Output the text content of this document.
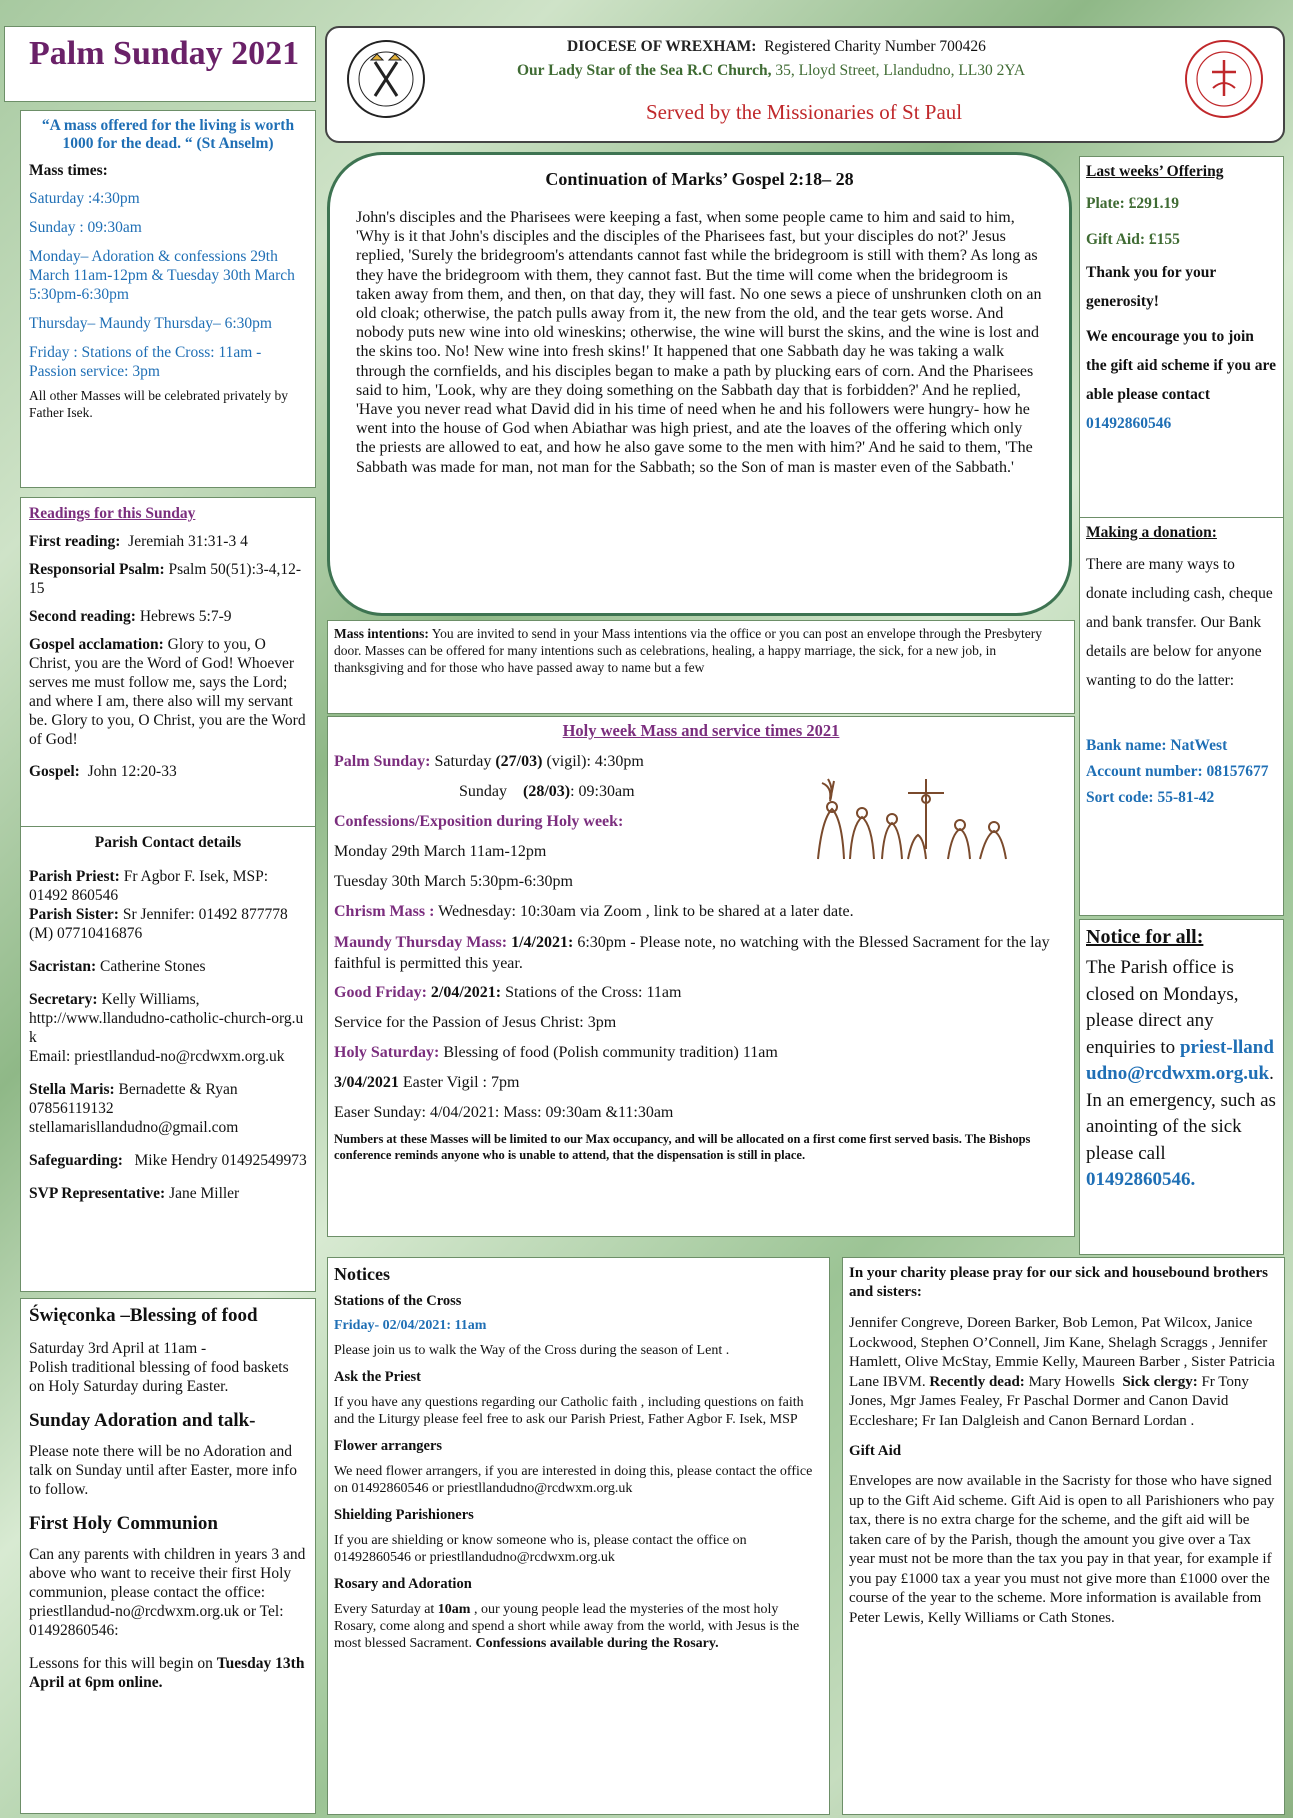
Palm Sunday 2021	DIOCESE OF WREXHAM: Registered Charity Number 700426
Our Lady Star of the Sea R.C Church, 35, Lloyd Street, Llandudno, LL30 2YA
Served by the Missionaries of St Paul

“A mass offered for the living is worth 1000 for the dead. “ (St Anselm)

Mass times:

Saturday :4:30pm

Sunday : 09:30am

Monday– Adoration & confessions 29th March 11am-12pm & Tuesday 30th March 5:30pm-6:30pm

Thursday– Maundy Thursday– 6:30pm

Friday : Stations of the Cross: 11am - Passion service: 3pm

All other Masses will be celebrated privately by Father Isek.

Readings for this Sunday

First reading: Jeremiah 31:31-3 4

Responsorial Psalm: Psalm 50(51):3-4,12-15

Second reading: Hebrews 5:7-9

Gospel acclamation: Glory to you, O Christ, you are the Word of God! Whoever serves me must follow me, says the Lord; and where I am, there also will my servant be. Glory to you, O Christ, you are the Word of God!

Gospel: John 12:20-33

Parish Contact details

Parish Priest: Fr Agbor F. Isek, MSP: 01492 860546

Parish Sister: Sr Jennifer: 01492 877778 (M) 07710416876

Sacristan: Catherine Stones

Secretary: Kelly Williams,

http://www.llandudno-catholic-church-org.uk

Email: priestllandud-no@rcdwxm.org.uk

Stella Maris: Bernadette & Ryan 07856119132

stellamarisllandudno@gmail.com

Safeguarding: Mike Hendry 01492549973

SVP Representative: Jane Miller

Święconka –Blessing of food

Saturday 3rd April at 11am -

Polish traditional blessing of food baskets on Holy Saturday during Easter.

Sunday Adoration and talk-

Please note there will be no Adoration and talk on Sunday until after Easter, more info to follow.

First Holy Communion

Can any parents with children in years 3 and above who want to receive their first Holy communion, please contact the office: priestllandud-no@rcdwxm.org.uk or Tel: 01492860546:

Lessons for this will begin on Tuesday 13th April at 6pm online.

Continuation of Marks’ Gospel 2:18– 28

John's disciples and the Pharisees were keeping a fast, when some people came to him and said to him, 'Why is it that John's disciples and the disciples of the Pharisees fast, but your disciples do not?' Jesus replied, 'Surely the bridegroom's attendants cannot fast while the bridegroom is still with them? As long as they have the bridegroom with them, they cannot fast. But the time will come when the bridegroom is taken away from them, and then, on that day, they will fast. No one sews a piece of unshrunken cloth on an old cloak; otherwise, the patch pulls away from it, the new from the old, and the tear gets worse. And nobody puts new wine into old wineskins; otherwise, the wine will burst the skins, and the wine is lost and the skins too. No! New wine into fresh skins!' It happened that one Sabbath day he was taking a walk through the cornfields, and his disciples began to make a path by plucking ears of corn. And the Pharisees said to him, 'Look, why are they doing something on the Sabbath day that is forbidden?' And he replied, 'Have you never read what David did in his time of need when he and his followers were hungry- how he went into the house of God when Abiathar was high priest, and ate the loaves of the offering which only the priests are allowed to eat, and how he also gave some to the men with him?' And he said to them, 'The Sabbath was made for man, not man for the Sabbath; so the Son of man is master even of the Sabbath.'

Mass intentions: You are invited to send in your Mass intentions via the office or you can post an envelope through the Presbytery door. Masses can be offered for many intentions such as celebrations, healing, a happy marriage, the sick, for a new job, in thanksgiving and for those who have passed away to name but a few

Holy week Mass and service times 2021

Palm Sunday: Saturday (27/03) (vigil): 4:30pm

Sunday (28/03): 09:30am

Confessions/Exposition during Holy week:

Monday 29th March 11am-12pm

Tuesday 30th March 5:30pm-6:30pm

Chrism Mass : Wednesday: 10:30am via Zoom , link to be shared at a later date.

Maundy Thursday Mass: 1/4/2021: 6:30pm - Please note, no watching with the Blessed Sacrament for the lay faithful is permitted this year.

Good Friday: 2/04/2021: Stations of the Cross: 11am

Service for the Passion of Jesus Christ: 3pm

Holy Saturday: Blessing of food (Polish community tradition) 11am

3/04/2021 Easter Vigil : 7pm

Easer Sunday: 4/04/2021: Mass: 09:30am &11:30am

Numbers at these Masses will be limited to our Max occupancy, and will be allocated on a first come first served basis. The Bishops conference reminds anyone who is unable to attend, that the dispensation is still in place.

Notices

Stations of the Cross

Friday- 02/04/2021: 11am

Please join us to walk the Way of the Cross during the season of Lent .

Ask the Priest

If you have any questions regarding our Catholic faith , including questions on faith and the Liturgy please feel free to ask our Parish Priest, Father Agbor F. Isek, MSP

Flower arrangers

We need flower arrangers, if you are interested in doing this, please contact the office on 01492860546 or priestllandudno@rcdwxm.org.uk

Shielding Parishioners

If you are shielding or know someone who is, please contact the office on 01492860546 or priestllandudno@rcdwxm.org.uk

Rosary and Adoration

Every Saturday at 10am , our young people lead the mysteries of the most holy Rosary, come along and spend a short while away from the world, with Jesus is the most blessed Sacrament. Confessions available during the Rosary.

In your charity please pray for our sick and housebound brothers and sisters:

Jennifer Congreve, Doreen Barker, Bob Lemon, Pat Wilcox, Janice Lockwood, Stephen O’Connell, Jim Kane, Shelagh Scraggs , Jennifer Hamlett, Olive McStay, Emmie Kelly, Maureen Barber , Sister Patricia Lane IBVM. Recently dead: Mary Howells Sick clergy: Fr Tony Jones, Mgr James Fealey, Fr Paschal Dormer and Canon David Eccleshare; Fr Ian Dalgleish and Canon Bernard Lordan .

Gift Aid

Envelopes are now available in the Sacristy for those who have signed up to the Gift Aid scheme. Gift Aid is open to all Parishioners who pay tax, there is no extra charge for the scheme, and the gift aid will be taken care of by the Parish, though the amount you give over a Tax year must not be more than the tax you pay in that year, for example if you pay £1000 tax a year you must not give more than £1000 over the course of the year to the scheme. More information is available from Peter Lewis, Kelly Williams or Cath Stones.

Last weeks’ Offering

Plate: £291.19

Gift Aid: £155

Thank you for your generosity!

We encourage you to join the gift aid scheme if you are able please contact 01492860546

Making a donation:

There are many ways to donate including cash, cheque and bank transfer. Our Bank details are below for anyone wanting to do the latter:

Bank name: NatWest

Account number: 08157677

Sort code: 55-81-42

Notice for all:

The Parish office is closed on Mondays, please direct any enquiries to priest-llandudno@rcdwxm.org.uk. In an emergency, such as anointing of the sick please call 01492860546.
